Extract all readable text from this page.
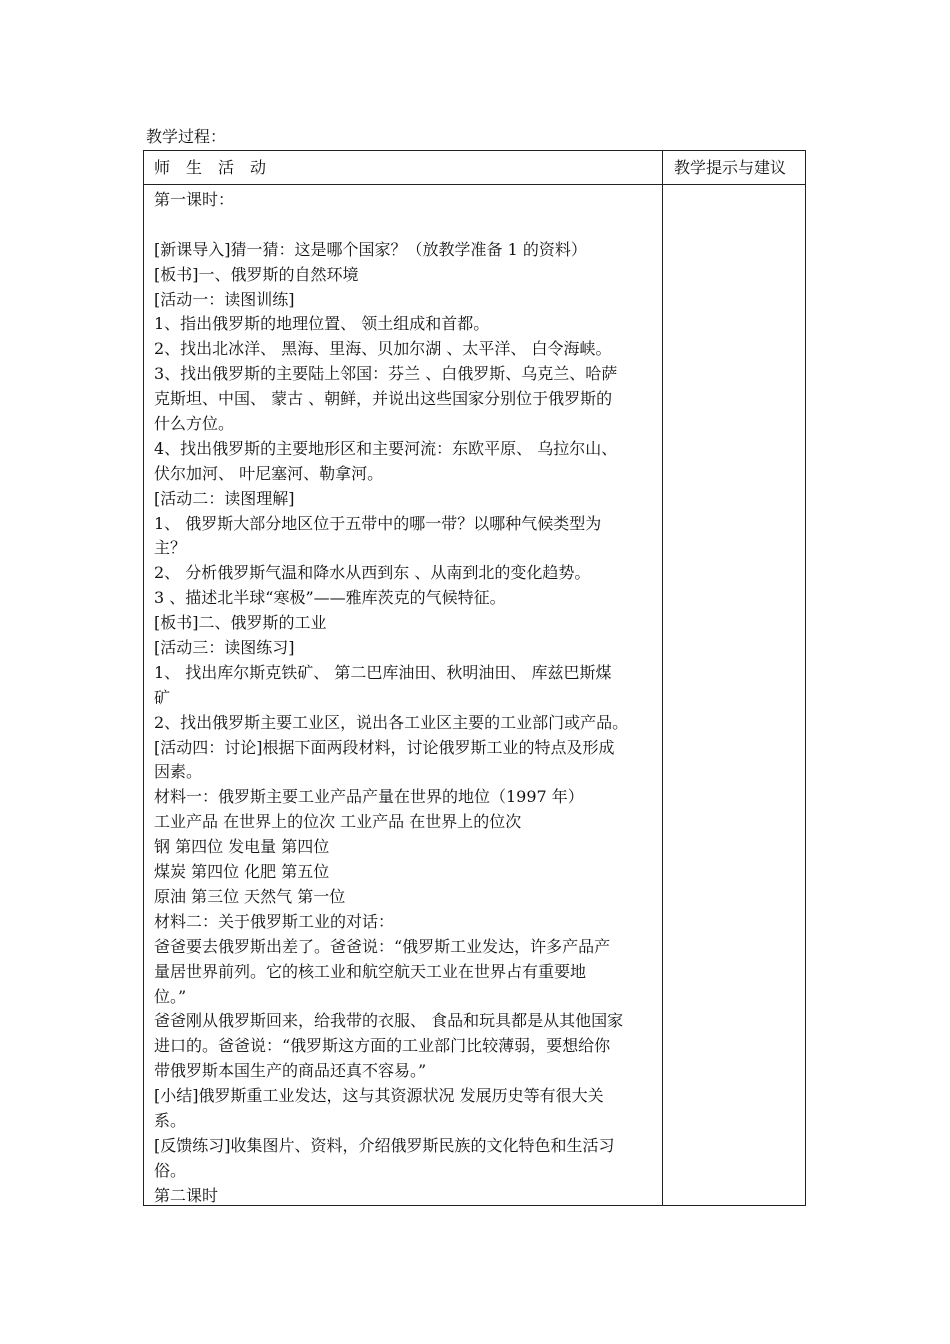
教学过程：
师　生　活　动	教学提示与建议
第一课时：
[新课导入]猜一猜：这是哪个国家？（放教学准备 1 的资料）
[板书]一、俄罗斯的自然环境
[活动一：读图训练]
1、指出俄罗斯的地理位置、 领土组成和首都。
2、找出北冰洋、 黑海、里海、贝加尔湖 、太平洋、 白令海峡。
3、找出俄罗斯的主要陆上邻国：芬兰 、白俄罗斯、乌克兰、哈萨
克斯坦、中国、 蒙古 、朝鲜，并说出这些国家分别位于俄罗斯的
什么方位。
4、找出俄罗斯的主要地形区和主要河流：东欧平原、 乌拉尔山、
伏尔加河、 叶尼塞河、勒拿河。
[活动二：读图理解]
1、 俄罗斯大部分地区位于五带中的哪一带？以哪种气候类型为
主？
2、 分析俄罗斯气温和降水从西到东 、从南到北的变化趋势。
3 、描述北半球“寒极”——雅库茨克的气候特征。
[板书]二、俄罗斯的工业
[活动三：读图练习]
1、 找出库尔斯克铁矿、 第二巴库油田、秋明油田、 库兹巴斯煤
矿
2、找出俄罗斯主要工业区，说出各工业区主要的工业部门或产品。
[活动四：讨论]根据下面两段材料，讨论俄罗斯工业的特点及形成
因素。
材料一：俄罗斯主要工业产品产量在世界的地位（1997 年）
工业产品 在世界上的位次 工业产品 在世界上的位次
钢 第四位 发电量 第四位
煤炭 第四位 化肥 第五位
原油 第三位 天然气 第一位
材料二：关于俄罗斯工业的对话：
爸爸要去俄罗斯出差了。爸爸说：“俄罗斯工业发达，许多产品产
量居世界前列。它的核工业和航空航天工业在世界占有重要地
位。”
爸爸刚从俄罗斯回来，给我带的衣服、 食品和玩具都是从其他国家
进口的。爸爸说：“俄罗斯这方面的工业部门比较薄弱，要想给你
带俄罗斯本国生产的商品还真不容易。”
[小结]俄罗斯重工业发达，这与其资源状况 发展历史等有很大关
系。
[反馈练习]收集图片、资料，介绍俄罗斯民族的文化特色和生活习
俗。
第二课时
